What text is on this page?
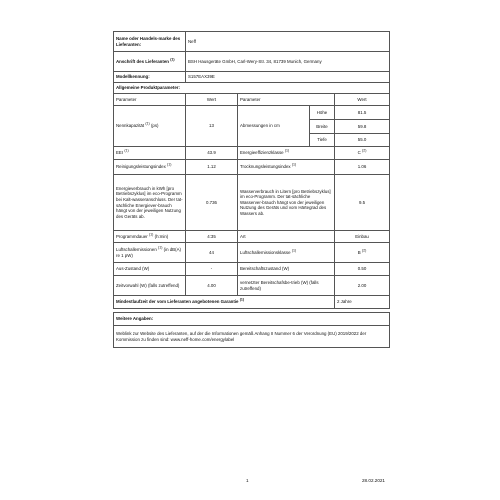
Name oder Handels-marke des Lieferanten:	Neff			
Anschrift des Lieferanten $^{(1)}$	BSH Hausgeräte GmbH, Carl-Wery-Str. 34, 81739 Munich, Germany			
Modellkennung:	S157EAX39E			
Allgemeine Produktparameter:				
Parameter	Wert	Parameter		Wert
Nennkapazität $^{(1)}$ (ps)	13	Abmessungen in cm	Höhe	81.5
			Breite	59.8
			Tiefe	55.0
EEI $^{(1)}$	43.9	Energieeffizienzklasse $^{(1)}$		C $^{(2)}$
Reinigungsleistungsindex $^{(1)}$	1.12	Trocknungsleistungsindex $^{(1)}$		1.06
Energieverbrauch in kWh [pro Betriebszyklus] im eco-Programm bei Kalt-wasseranschluss. Der tat-sächliche Energiever-brauch hängt von der jeweiligen Nutzung des Geräts ab.	0.736	Wasserverbrauch in Litern [pro Betriebszyklus] im eco-Programm. Der tat-sächliche Wasserver-brauch hängt von der jeweiligen Nutzung des Geräts und vom Härtegrad des Wassers ab.		9.5
Programmdauer $^{(1)}$ (h:min)	4:35	Art		Einbau
Luftschallemissionen $^{(1)}$ (in dB(A) re 1 pW)	44	Luftschallemissionsklasse $^{(1)}$		B $^{(2)}$
Aus-Zustand (W)	-	Bereitschaftszustand (W)		0.50
Zeitvorwahl (W) (falls zutreffend)	4.00	vernetzter Bereitschafsbe-trieb (W) (falls zutreffend)		2.00
Mindestlaufzeit der vom Lieferanten angebotenen Garantie $^{(1)}$				2 Jahre

Weitere Angaben:				
Weblink zur Website des Lieferanten, auf der die Informationen gemäß Anhang II Nummer 6 der Verordnung (EU) 2019/2022 der Kommission zu finden sind: www.neff-home.com/energylabel				
1	28.02.2021
